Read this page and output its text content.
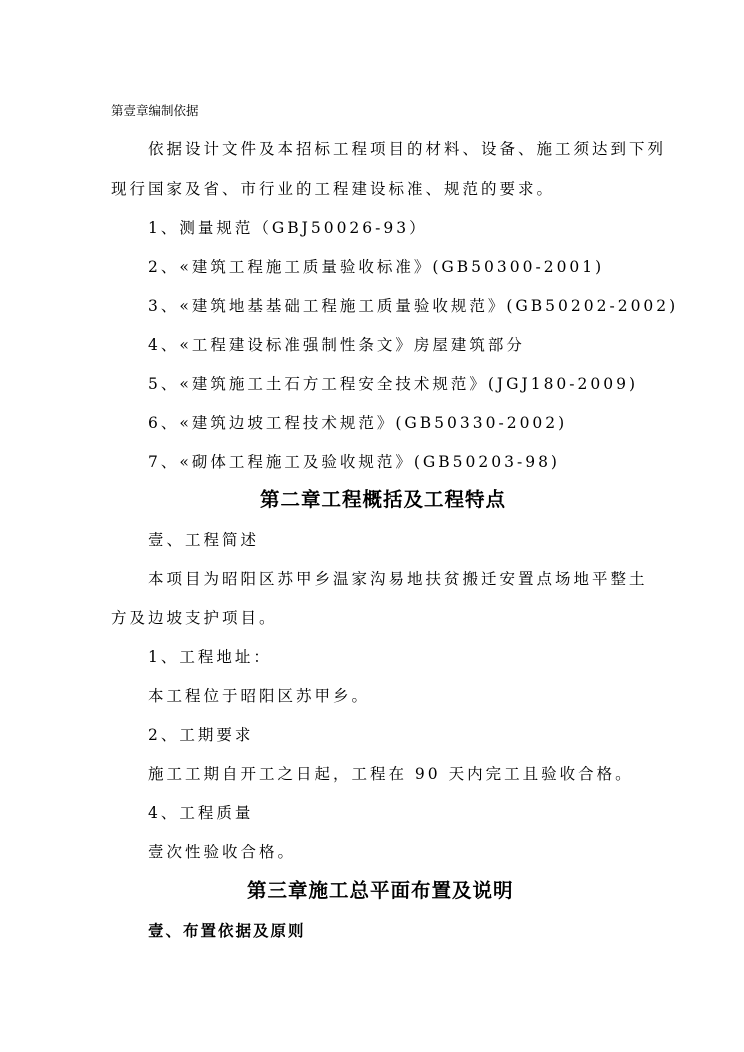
第壹章编制依据
依据设计文件及本招标工程项目的材料、设备、施工须达到下列
现行国家及省、市行业的工程建设标准、规范的要求。
1、测量规范（GBJ50026-93）
2、«建筑工程施工质量验收标准》(GB50300-2001)
3、«建筑地基基础工程施工质量验收规范》(GB50202-2002)
4、«工程建设标准强制性条文》房屋建筑部分
5、«建筑施工土石方工程安全技术规范》(JGJ180-2009)
6、«建筑边坡工程技术规范》(GB50330-2002)
7、«砌体工程施工及验收规范》(GB50203-98)
第二章工程概括及工程特点
壹、工程简述
本项目为昭阳区苏甲乡温家沟易地扶贫搬迁安置点场地平整土
方及边坡支护项目。
1、工程地址：
本工程位于昭阳区苏甲乡。
2、工期要求
施工工期自开工之日起，工程在 90 天内完工且验收合格。
4、工程质量
壹次性验收合格。
第三章施工总平面布置及说明
壹、布置依据及原则
